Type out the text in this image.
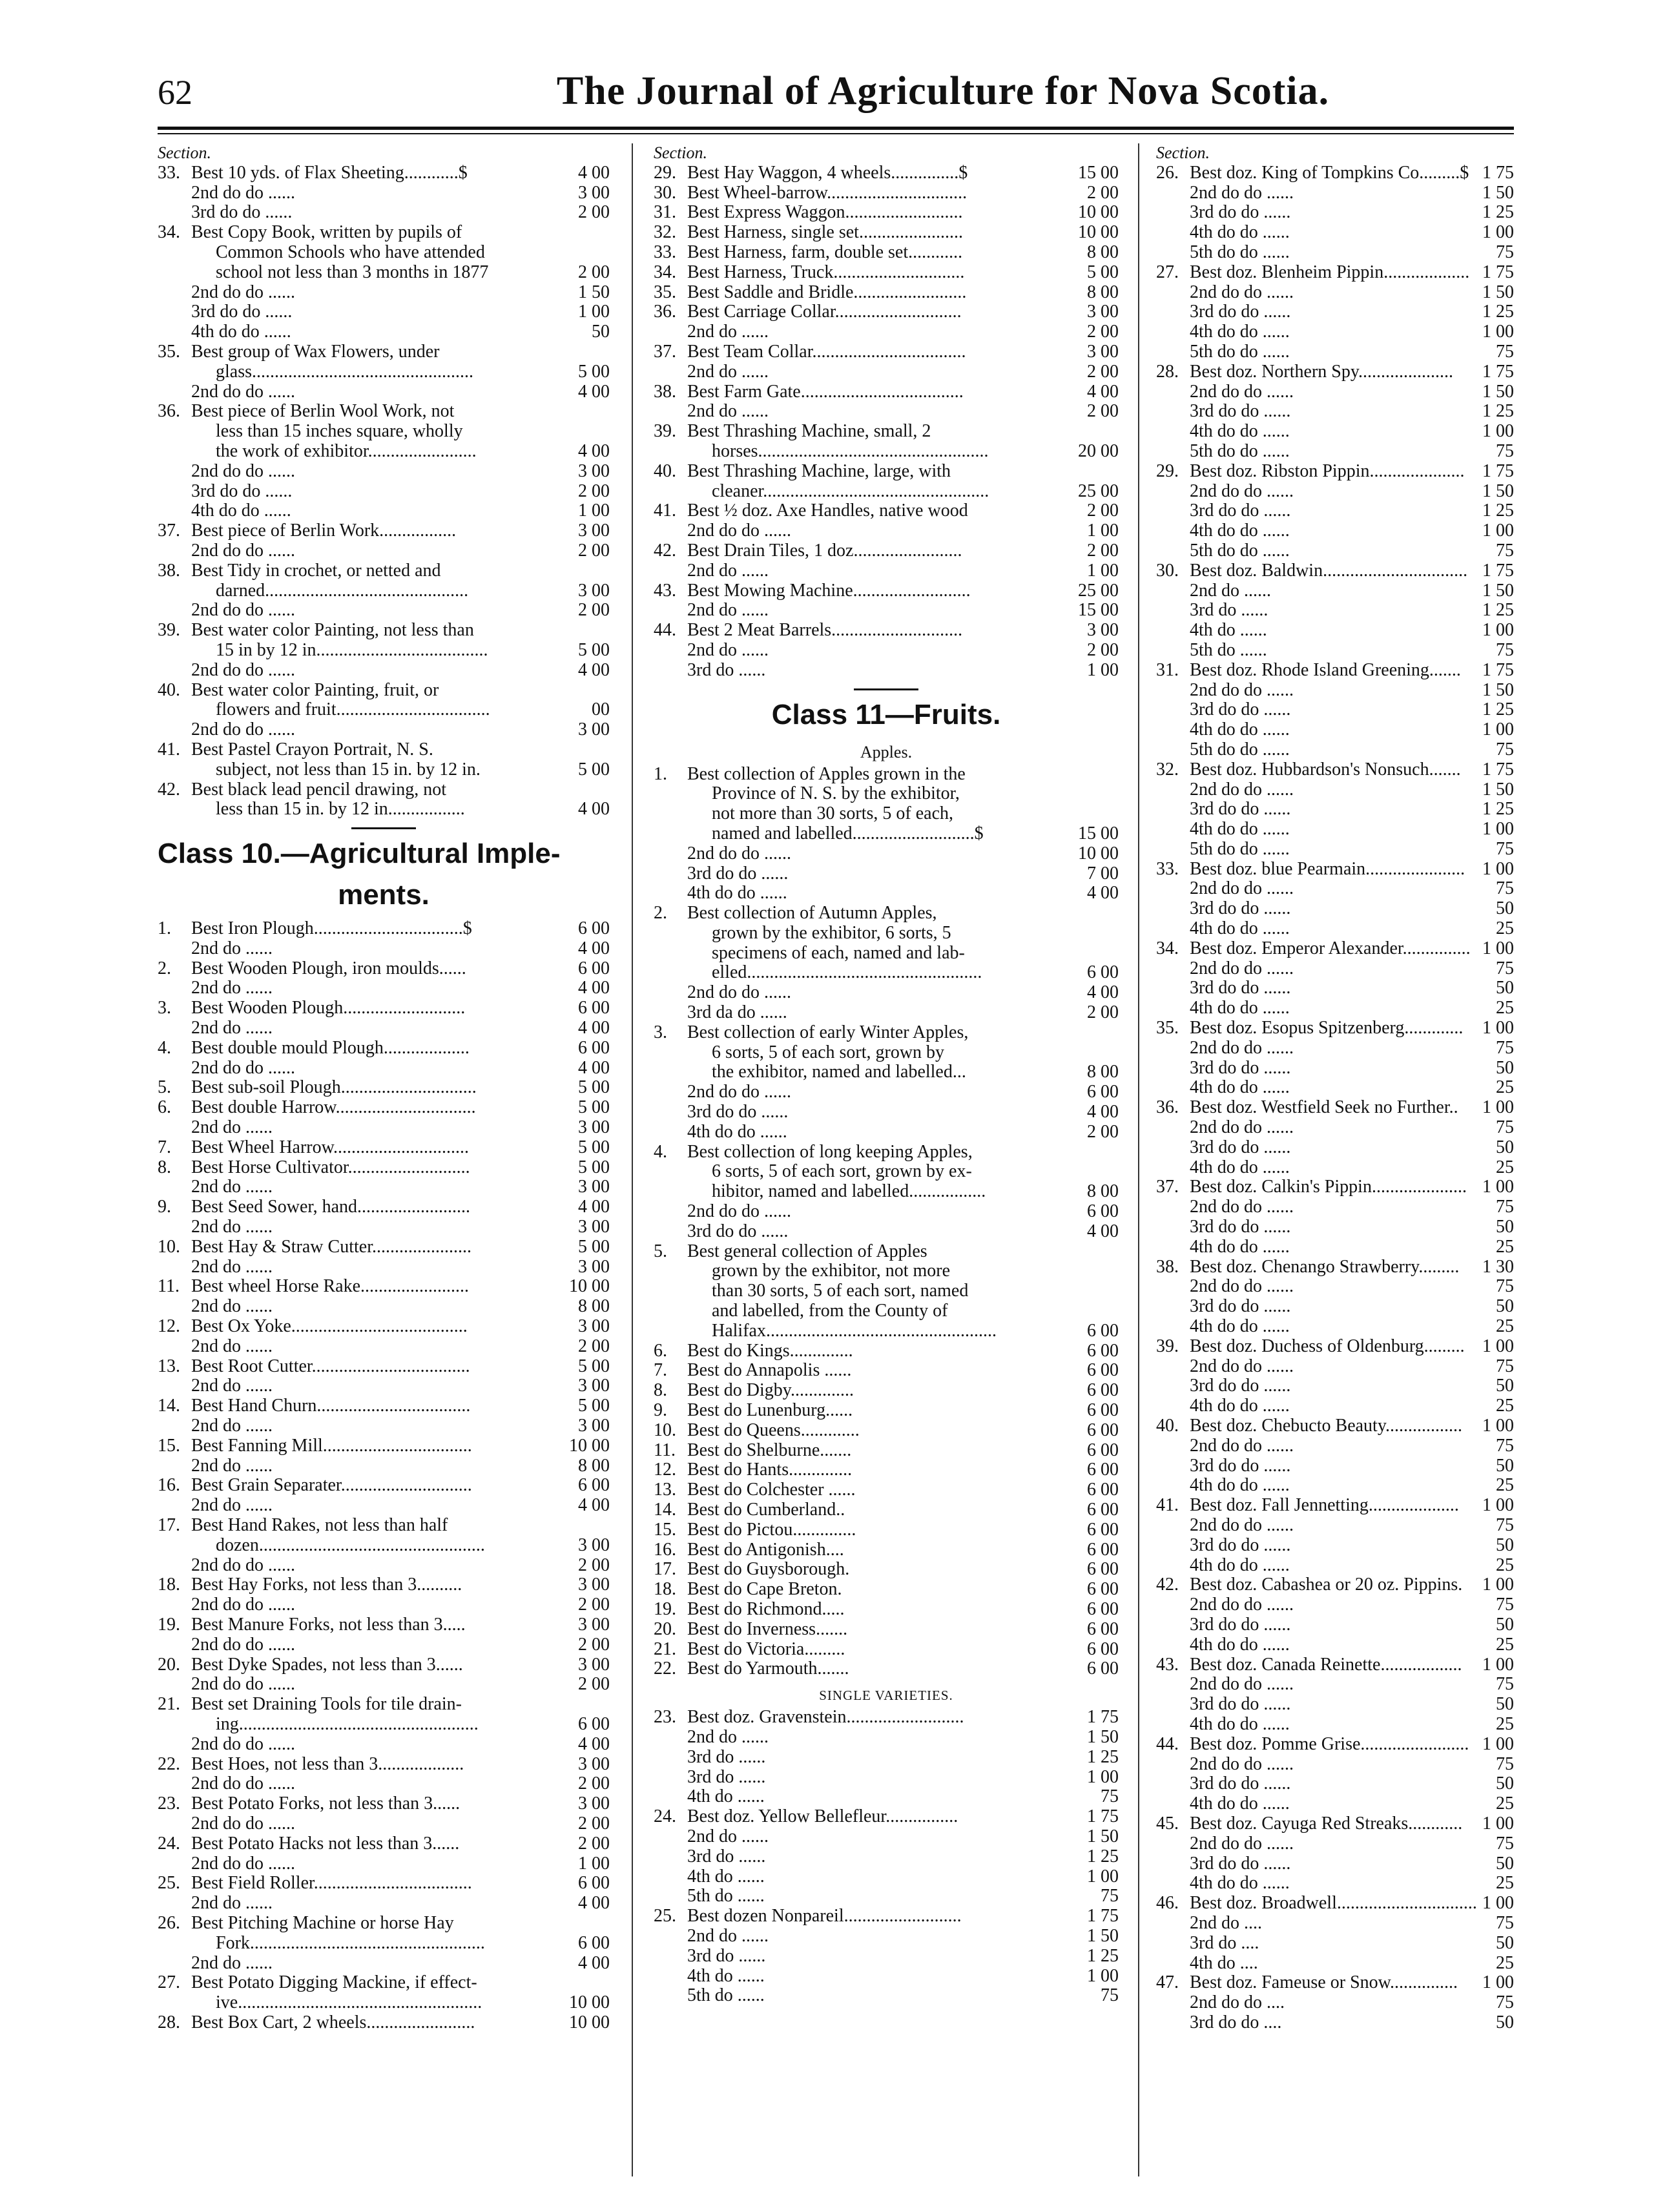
62	The Journal of Agriculture for Nova Scotia.
Section.
33. Best 10 yds. of Flax Sheeting............$	4 00
2nd do do ......	3 00
3rd do do ......	2 00
34. Best Copy Book, written by pupils of
Common Schools who have attended
school not less than 3 months in 1877	2 00
2nd do do ......	1 50
3rd do do ......	1 00
4th do do ......	50
35. Best group of Wax Flowers, under
glass.................................................	5 00
2nd do do ......	4 00
36. Best piece of Berlin Wool Work, not
less than 15 inches square, wholly
the work of exhibitor........................	4 00
2nd do do ......	3 00
3rd do do ......	2 00
4th do do ......	1 00
37. Best piece of Berlin Work.................	3 00
2nd do do ......	2 00
38. Best Tidy in crochet, or netted and
darned.............................................	3 00
2nd do do ......	2 00
39. Best water color Painting, not less than
15 in by 12 in......................................	5 00
2nd do do ......	4 00
40. Best water color Painting, fruit, or
flowers and fruit..................................	00
2nd do do ......	3 00
41. Best Pastel Crayon Portrait, N. S.
subject, not less than 15 in. by 12 in.	5 00
42. Best black lead pencil drawing, not
less than 15 in. by 12 in.................	4 00
Class 10.—Agricultural Imple-
ments.
1. Best Iron Plough.................................$	6 00
2nd do ......	4 00
2. Best Wooden Plough, iron moulds......	6 00
2nd do ......	4 00
3. Best Wooden Plough...........................	6 00
2nd do ......	4 00
4. Best double mould Plough...................	6 00
2nd do do ......	4 00
5. Best sub-soil Plough..............................	5 00
6. Best double Harrow...............................	5 00
2nd do ......	3 00
7. Best Wheel Harrow..............................	5 00
8. Best Horse Cultivator...........................	5 00
2nd do ......	3 00
9. Best Seed Sower, hand.........................	4 00
2nd do ......	3 00
10. Best Hay & Straw Cutter......................	5 00
2nd do ......	3 00
11. Best wheel Horse Rake........................	10 00
2nd do ......	8 00
12. Best Ox Yoke.......................................	3 00
2nd do ......	2 00
13. Best Root Cutter...................................	5 00
2nd do ......	3 00
14. Best Hand Churn..................................	5 00
2nd do ......	3 00
15. Best Fanning Mill.................................	10 00
2nd do ......	8 00
16. Best Grain Separater.............................	6 00
2nd do ......	4 00
17. Best Hand Rakes, not less than half
dozen..................................................	3 00
2nd do do ......	2 00
18. Best Hay Forks, not less than 3..........	3 00
2nd do do ......	2 00
19. Best Manure Forks, not less than 3.....	3 00
2nd do do ......	2 00
20. Best Dyke Spades, not less than 3......	3 00
2nd do do ......	2 00
21. Best set Draining Tools for tile drain-
ing.....................................................	6 00
2nd do do ......	4 00
22. Best Hoes, not less than 3...................	3 00
2nd do do ......	2 00
23. Best Potato Forks, not less than 3......	3 00
2nd do do ......	2 00
24. Best Potato Hacks not less than 3......	2 00
2nd do do ......	1 00
25. Best Field Roller...................................	6 00
2nd do ......	4 00
26. Best Pitching Machine or horse Hay
Fork....................................................	6 00
2nd do ......	4 00
27. Best Potato Digging Mackine, if effect-
ive......................................................	10 00
28. Best Box Cart, 2 wheels........................	10 00
Section.
29. Best Hay Waggon, 4 wheels...............$	15 00
30. Best Wheel-barrow...............................	2 00
31. Best Express Waggon..........................	10 00
32. Best Harness, single set.......................	10 00
33. Best Harness, farm, double set............	8 00
34. Best Harness, Truck.............................	5 00
35. Best Saddle and Bridle.........................	8 00
36. Best Carriage Collar............................	3 00
2nd do ......	2 00
37. Best Team Collar..................................	3 00
2nd do ......	2 00
38. Best Farm Gate....................................	4 00
2nd do ......	2 00
39. Best Thrashing Machine, small, 2
horses...................................................	20 00
40. Best Thrashing Machine, large, with
cleaner..................................................	25 00
41. Best ½ doz. Axe Handles, native wood	2 00
2nd do do ......	1 00
42. Best Drain Tiles, 1 doz........................	2 00
2nd do ......	1 00
43. Best Mowing Machine..........................	25 00
2nd do ......	15 00
44. Best 2 Meat Barrels.............................	3 00
2nd do ......	2 00
3rd do ......	1 00
Class 11—Fruits.
Apples.
1. Best collection of Apples grown in the
Province of N. S. by the exhibitor,
not more than 30 sorts, 5 of each,
named and labelled...........................$	15 00
2nd do do ......	10 00
3rd do do ......	7 00
4th do do ......	4 00
2. Best collection of Autumn Apples,
grown by the exhibitor, 6 sorts, 5
specimens of each, named and lab-
elled....................................................	6 00
2nd do do ......	4 00
3rd da do ......	2 00
3. Best collection of early Winter Apples,
6 sorts, 5 of each sort, grown by
the exhibitor, named and labelled...	8 00
2nd do do ......	6 00
3rd do do ......	4 00
4th do do ......	2 00
4. Best collection of long keeping Apples,
6 sorts, 5 of each sort, grown by ex-
hibitor, named and labelled.................	8 00
2nd do do ......	6 00
3rd do do ......	4 00
5. Best general collection of Apples
grown by the exhibitor, not more
than 30 sorts, 5 of each sort, named
and labelled, from the County of
Halifax...................................................	6 00
6. Best do Kings..............	6 00
7. Best do Annapolis ......	6 00
8. Best do Digby..............	6 00
9. Best do Lunenburg......	6 00
10. Best do Queens.............	6 00
11. Best do Shelburne.......	6 00
12. Best do Hants..............	6 00
13. Best do Colchester ......	6 00
14. Best do Cumberland..	6 00
15. Best do Pictou..............	6 00
16. Best do Antigonish....	6 00
17. Best do Guysborough.	6 00
18. Best do Cape Breton.	6 00
19. Best do Richmond.....	6 00
20. Best do Inverness.......	6 00
21. Best do Victoria.........	6 00
22. Best do Yarmouth.......	6 00
SINGLE VARIETIES.
23. Best doz. Gravenstein..........................	1 75
2nd do ......	1 50
3rd do ......	1 25
3rd do ......	1 00
4th do ......	75
24. Best doz. Yellow Bellefleur................	1 75
2nd do ......	1 50
3rd do ......	1 25
4th do ......	1 00
5th do ......	75
25. Best dozen Nonpareil..........................	1 75
2nd do ......	1 50
3rd do ......	1 25
4th do ......	1 00
5th do ......	75
Section.
26. Best doz. King of Tompkins Co.........$ 1 75
2nd do do ......	1 50
3rd do do ......	1 25
4th do do ......	1 00
5th do do ......	75
27. Best doz. Blenheim Pippin................... 1 75
2nd do do ......	1 50
3rd do do ......	1 25
4th do do ......	1 00
5th do do ......	75
28. Best doz. Northern Spy.....................	1 75
2nd do do ......	1 50
3rd do do ......	1 25
4th do do ......	1 00
5th do do ......	75
29. Best doz. Ribston Pippin..................... 1 75
2nd do do ......	1 50
3rd do do ......	1 25
4th do do ......	1 00
5th do do ......	75
30. Best doz. Baldwin................................ 1 75
2nd do ......	1 50
3rd do ......	1 25
4th do ......	1 00
5th do ......	75
31. Best doz. Rhode Island Greening.......	1 75
2nd do do ......	1 50
3rd do do ......	1 25
4th do do ......	1 00
5th do do ......	75
32. Best doz. Hubbardson's Nonsuch.......	1 75
2nd do do ......	1 50
3rd do do ......	1 25
4th do do ......	1 00
5th do do ......	75
33. Best doz. blue Pearmain...................... 1 00
2nd do do ......	75
3rd do do ......	50
4th do do ......	25
34. Best doz. Emperor Alexander............... 1 00
2nd do do ......	75
3rd do do ......	50
4th do do ......	25
35. Best doz. Esopus Spitzenberg.............	1 00
2nd do do ......	75
3rd do do ......	50
4th do do ......	25
36. Best doz. Westfield Seek no Further..	1 00
2nd do do ......	75
3rd do do ......	50
4th do do ......	25
37. Best doz. Calkin's Pippin..................... 1 00
2nd do do ......	75
3rd do do ......	50
4th do do ......	25
38. Best doz. Chenango Strawberry.........	1 30
2nd do do ......	75
3rd do do ......	50
4th do do ......	25
39. Best doz. Duchess of Oldenburg......... 1 00
2nd do do ......	75
3rd do do ......	50
4th do do ......	25
40. Best doz. Chebucto Beauty.................	1 00
2nd do do ......	75
3rd do do ......	50
4th do do ......	25
41. Best doz. Fall Jennetting....................	1 00
2nd do do ......	75
3rd do do ......	50
4th do do ......	25
42. Best doz. Cabashea or 20 oz. Pippins.	1 00
2nd do do ......	75
3rd do do ......	50
4th do do ......	25
43. Best doz. Canada Reinette..................	1 00
2nd do do ......	75
3rd do do ......	50
4th do do ......	25
44. Best doz. Pomme Grise........................ 1 00
2nd do do ......	75
3rd do do ......	50
4th do do ......	25
45. Best doz. Cayuga Red Streaks............	1 00
2nd do do ......	75
3rd do do ......	50
4th do do ......	25
46. Best doz. Broadwell............................... 1 00
2nd do ....	75
3rd do ....	50
4th do ....	25
47. Best doz. Fameuse or Snow...............	1 00
2nd do do ....	75
3rd do do ....	50
